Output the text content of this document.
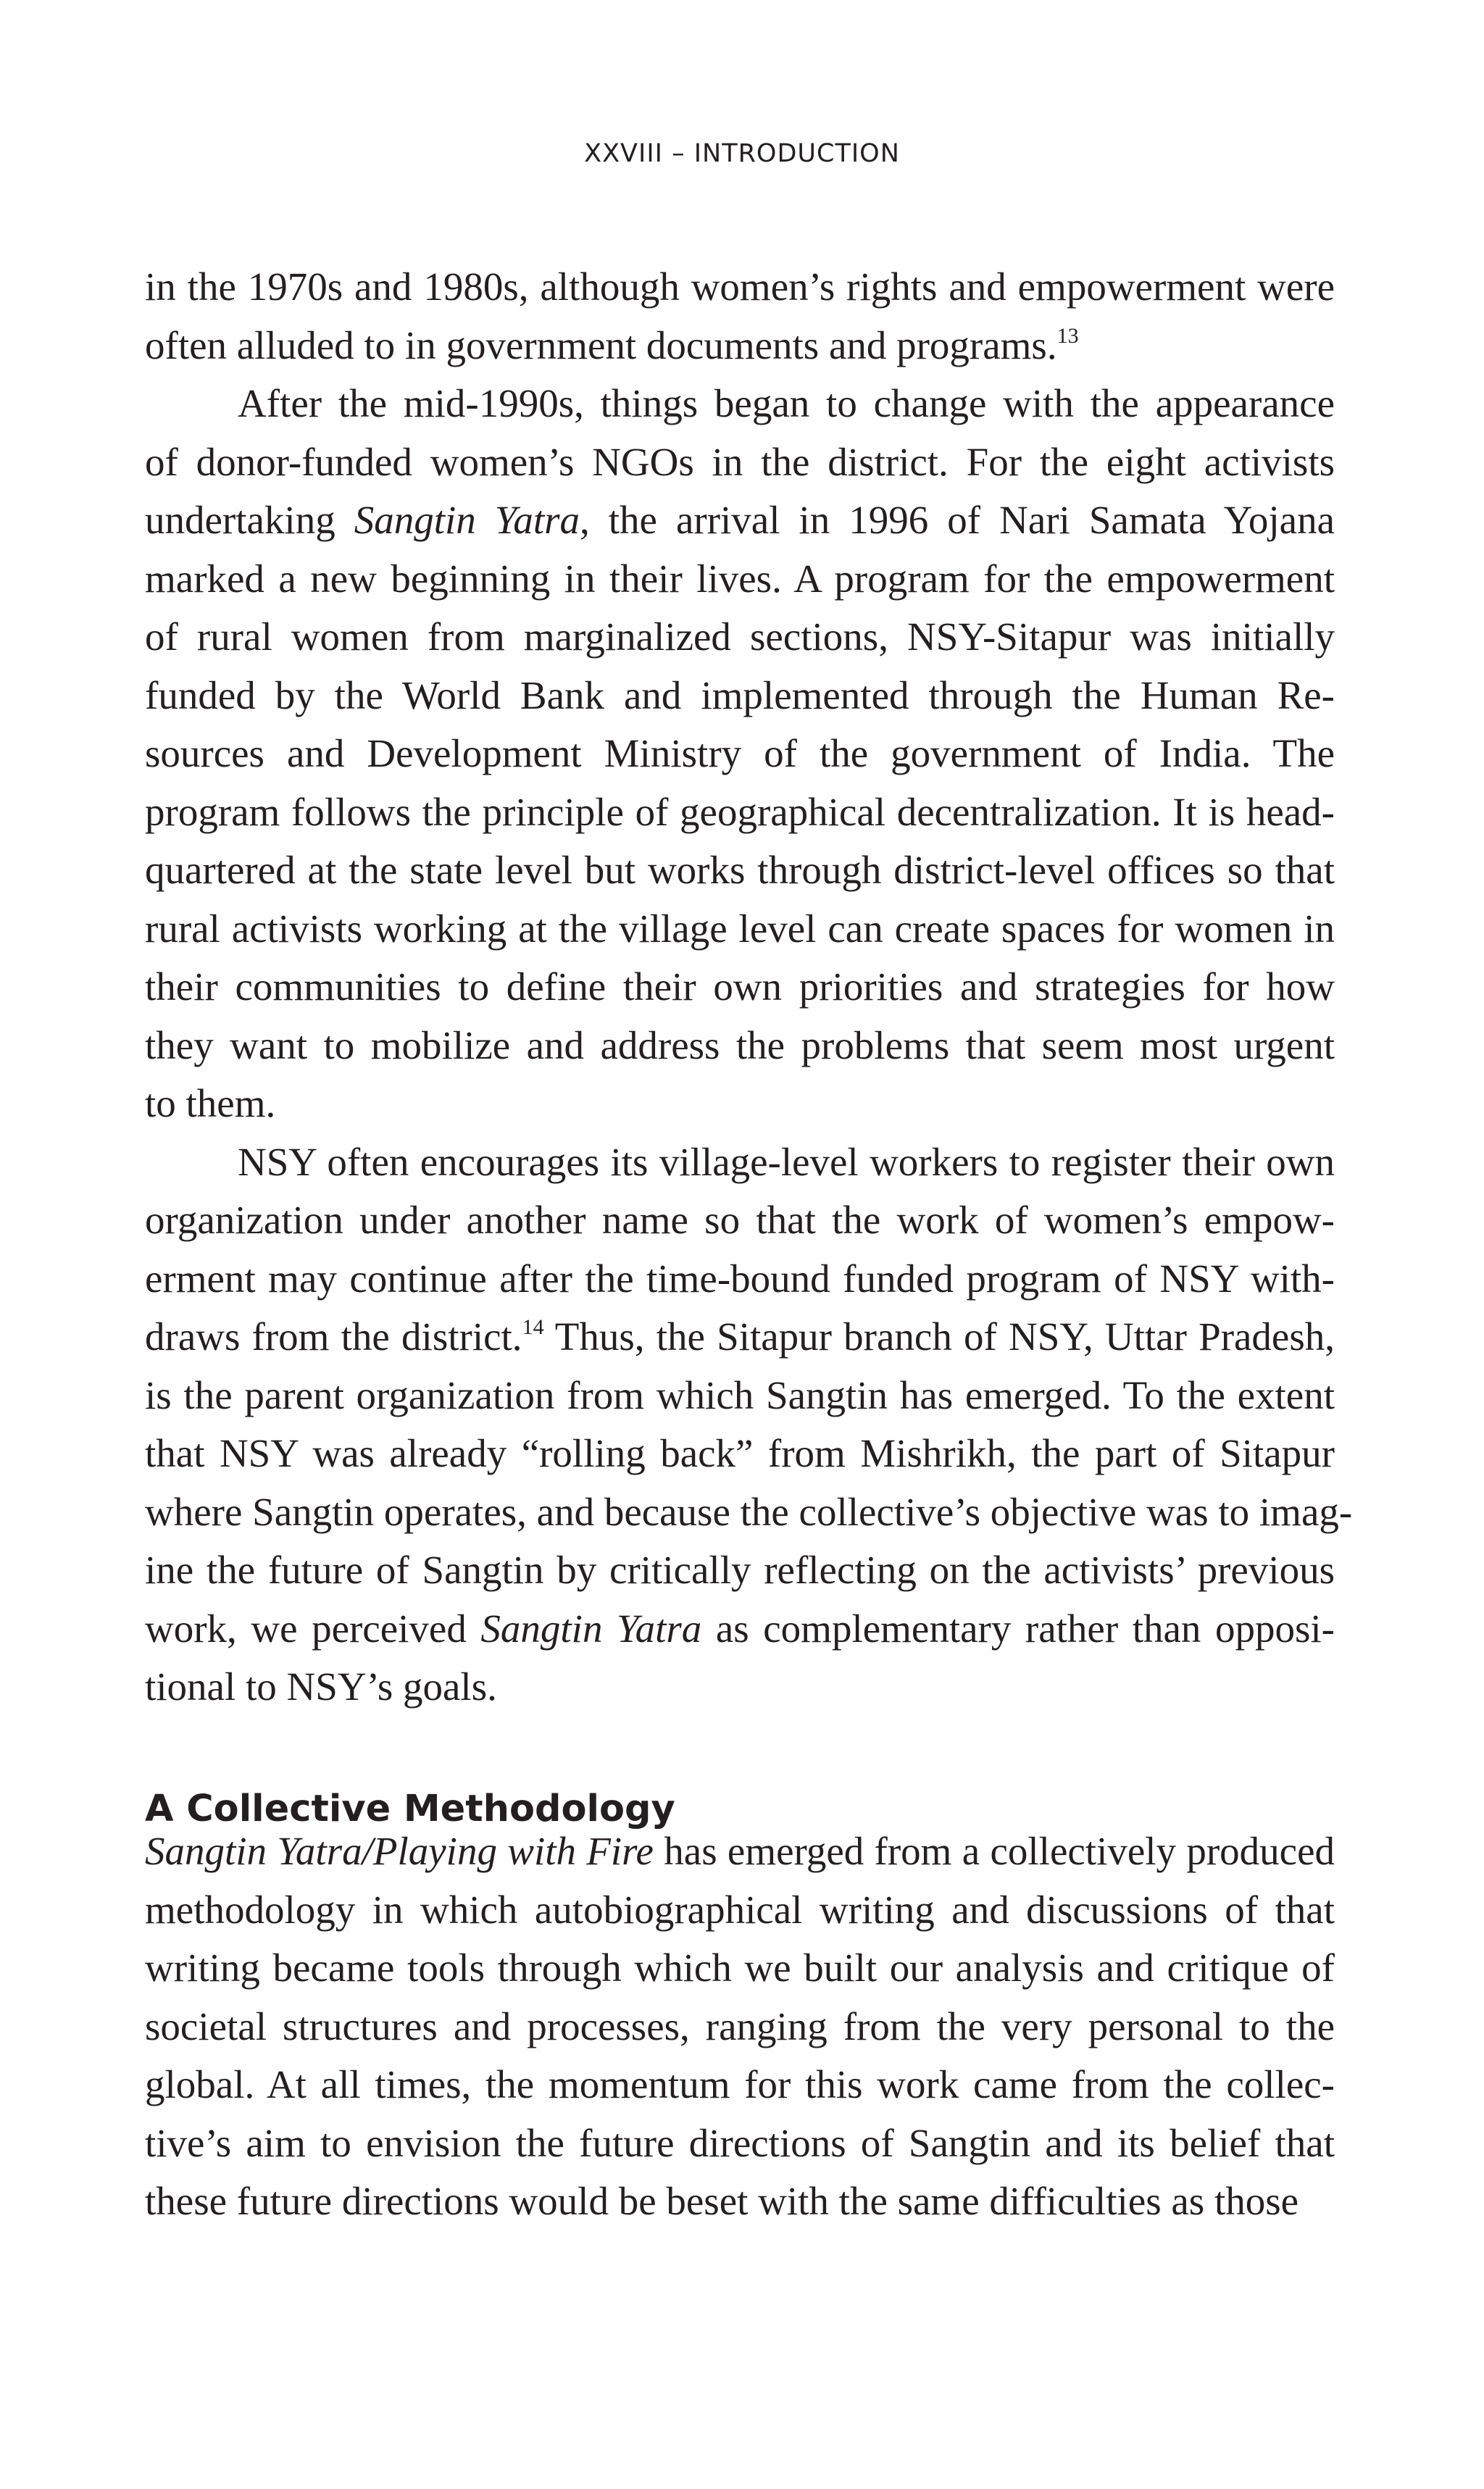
XXVIII – INTRODUCTION
in the 1970s and 1980s, although women’s rights and empowerment were
often alluded to in government documents and programs.$^{13}$
After the mid-1990s, things began to change with the appearance
of donor-funded women’s NGOs in the district. For the eight activists
undertaking Sangtin Yatra, the arrival in 1996 of Nari Samata Yojana
marked a new beginning in their lives. A program for the empowerment
of rural women from marginalized sections, NSY-Sitapur was initially
funded by the World Bank and implemented through the Human Re-
sources and Development Ministry of the government of India. The
program follows the principle of geographical decentralization. It is head-
quartered at the state level but works through district-level offices so that
rural activists working at the village level can create spaces for women in
their communities to define their own priorities and strategies for how
they want to mobilize and address the problems that seem most urgent
to them.
NSY often encourages its village-level workers to register their own
organization under another name so that the work of women’s empow-
erment may continue after the time-bound funded program of NSY with-
draws from the district.$^{14}$ Thus, the Sitapur branch of NSY, Uttar Pradesh,
is the parent organization from which Sangtin has emerged. To the extent
that NSY was already “rolling back” from Mishrikh, the part of Sitapur
where Sangtin operates, and because the collective’s objective was to imag-
ine the future of Sangtin by critically reflecting on the activists’ previous
work, we perceived Sangtin Yatra as complementary rather than opposi-
tional to NSY’s goals.
A Collective Methodology
Sangtin Yatra/Playing with Fire has emerged from a collectively produced
methodology in which autobiographical writing and discussions of that
writing became tools through which we built our analysis and critique of
societal structures and processes, ranging from the very personal to the
global. At all times, the momentum for this work came from the collec-
tive’s aim to envision the future directions of Sangtin and its belief that
these future directions would be beset with the same difficulties as those
